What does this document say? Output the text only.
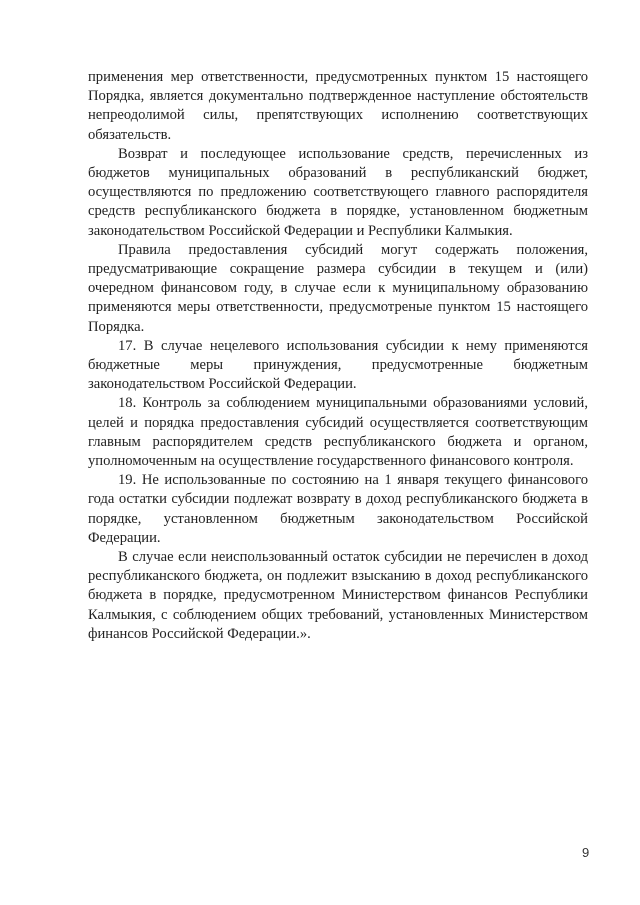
применения мер ответственности, предусмотренных пунктом 15 настоящего Порядка, является документально подтвержденное наступление обстоятельств непреодолимой силы, препятствующих исполнению соответствующих обязательств.

Возврат и последующее использование средств, перечисленных из бюджетов муниципальных образований в республиканский бюджет, осуществляются по предложению соответствующего главного распорядителя средств республиканского бюджета в порядке, установленном бюджетным законодательством Российской Федерации и Республики Калмыкия.

Правила предоставления субсидий могут содержать положения, предусматривающие сокращение размера субсидии в текущем и (или) очередном финансовом году, в случае если к муниципальному образованию применяются меры ответственности, предусмотреные пунктом 15 настоящего Порядка.

17. В случае нецелевого использования субсидии к нему применяются бюджетные меры принуждения, предусмотренные бюджетным законодательством Российской Федерации.

18. Контроль за соблюдением муниципальными образованиями условий, целей и порядка предоставления субсидий осуществляется соответствующим главным распорядителем средств республиканского бюджета и органом, уполномоченным на осуществление государственного финансового контроля.

19. Не использованные по состоянию на 1 января текущего финансового года остатки субсидии подлежат возврату в доход республиканского бюджета в порядке, установленном бюджетным законодательством Российской Федерации.

В случае если неиспользованный остаток субсидии не перечислен в доход республиканского бюджета, он подлежит взысканию в доход республиканского бюджета в порядке, предусмотренном Министерством финансов Республики Калмыкия, с соблюдением общих требований, установленных Министерством финансов Российской Федерации.».

9
